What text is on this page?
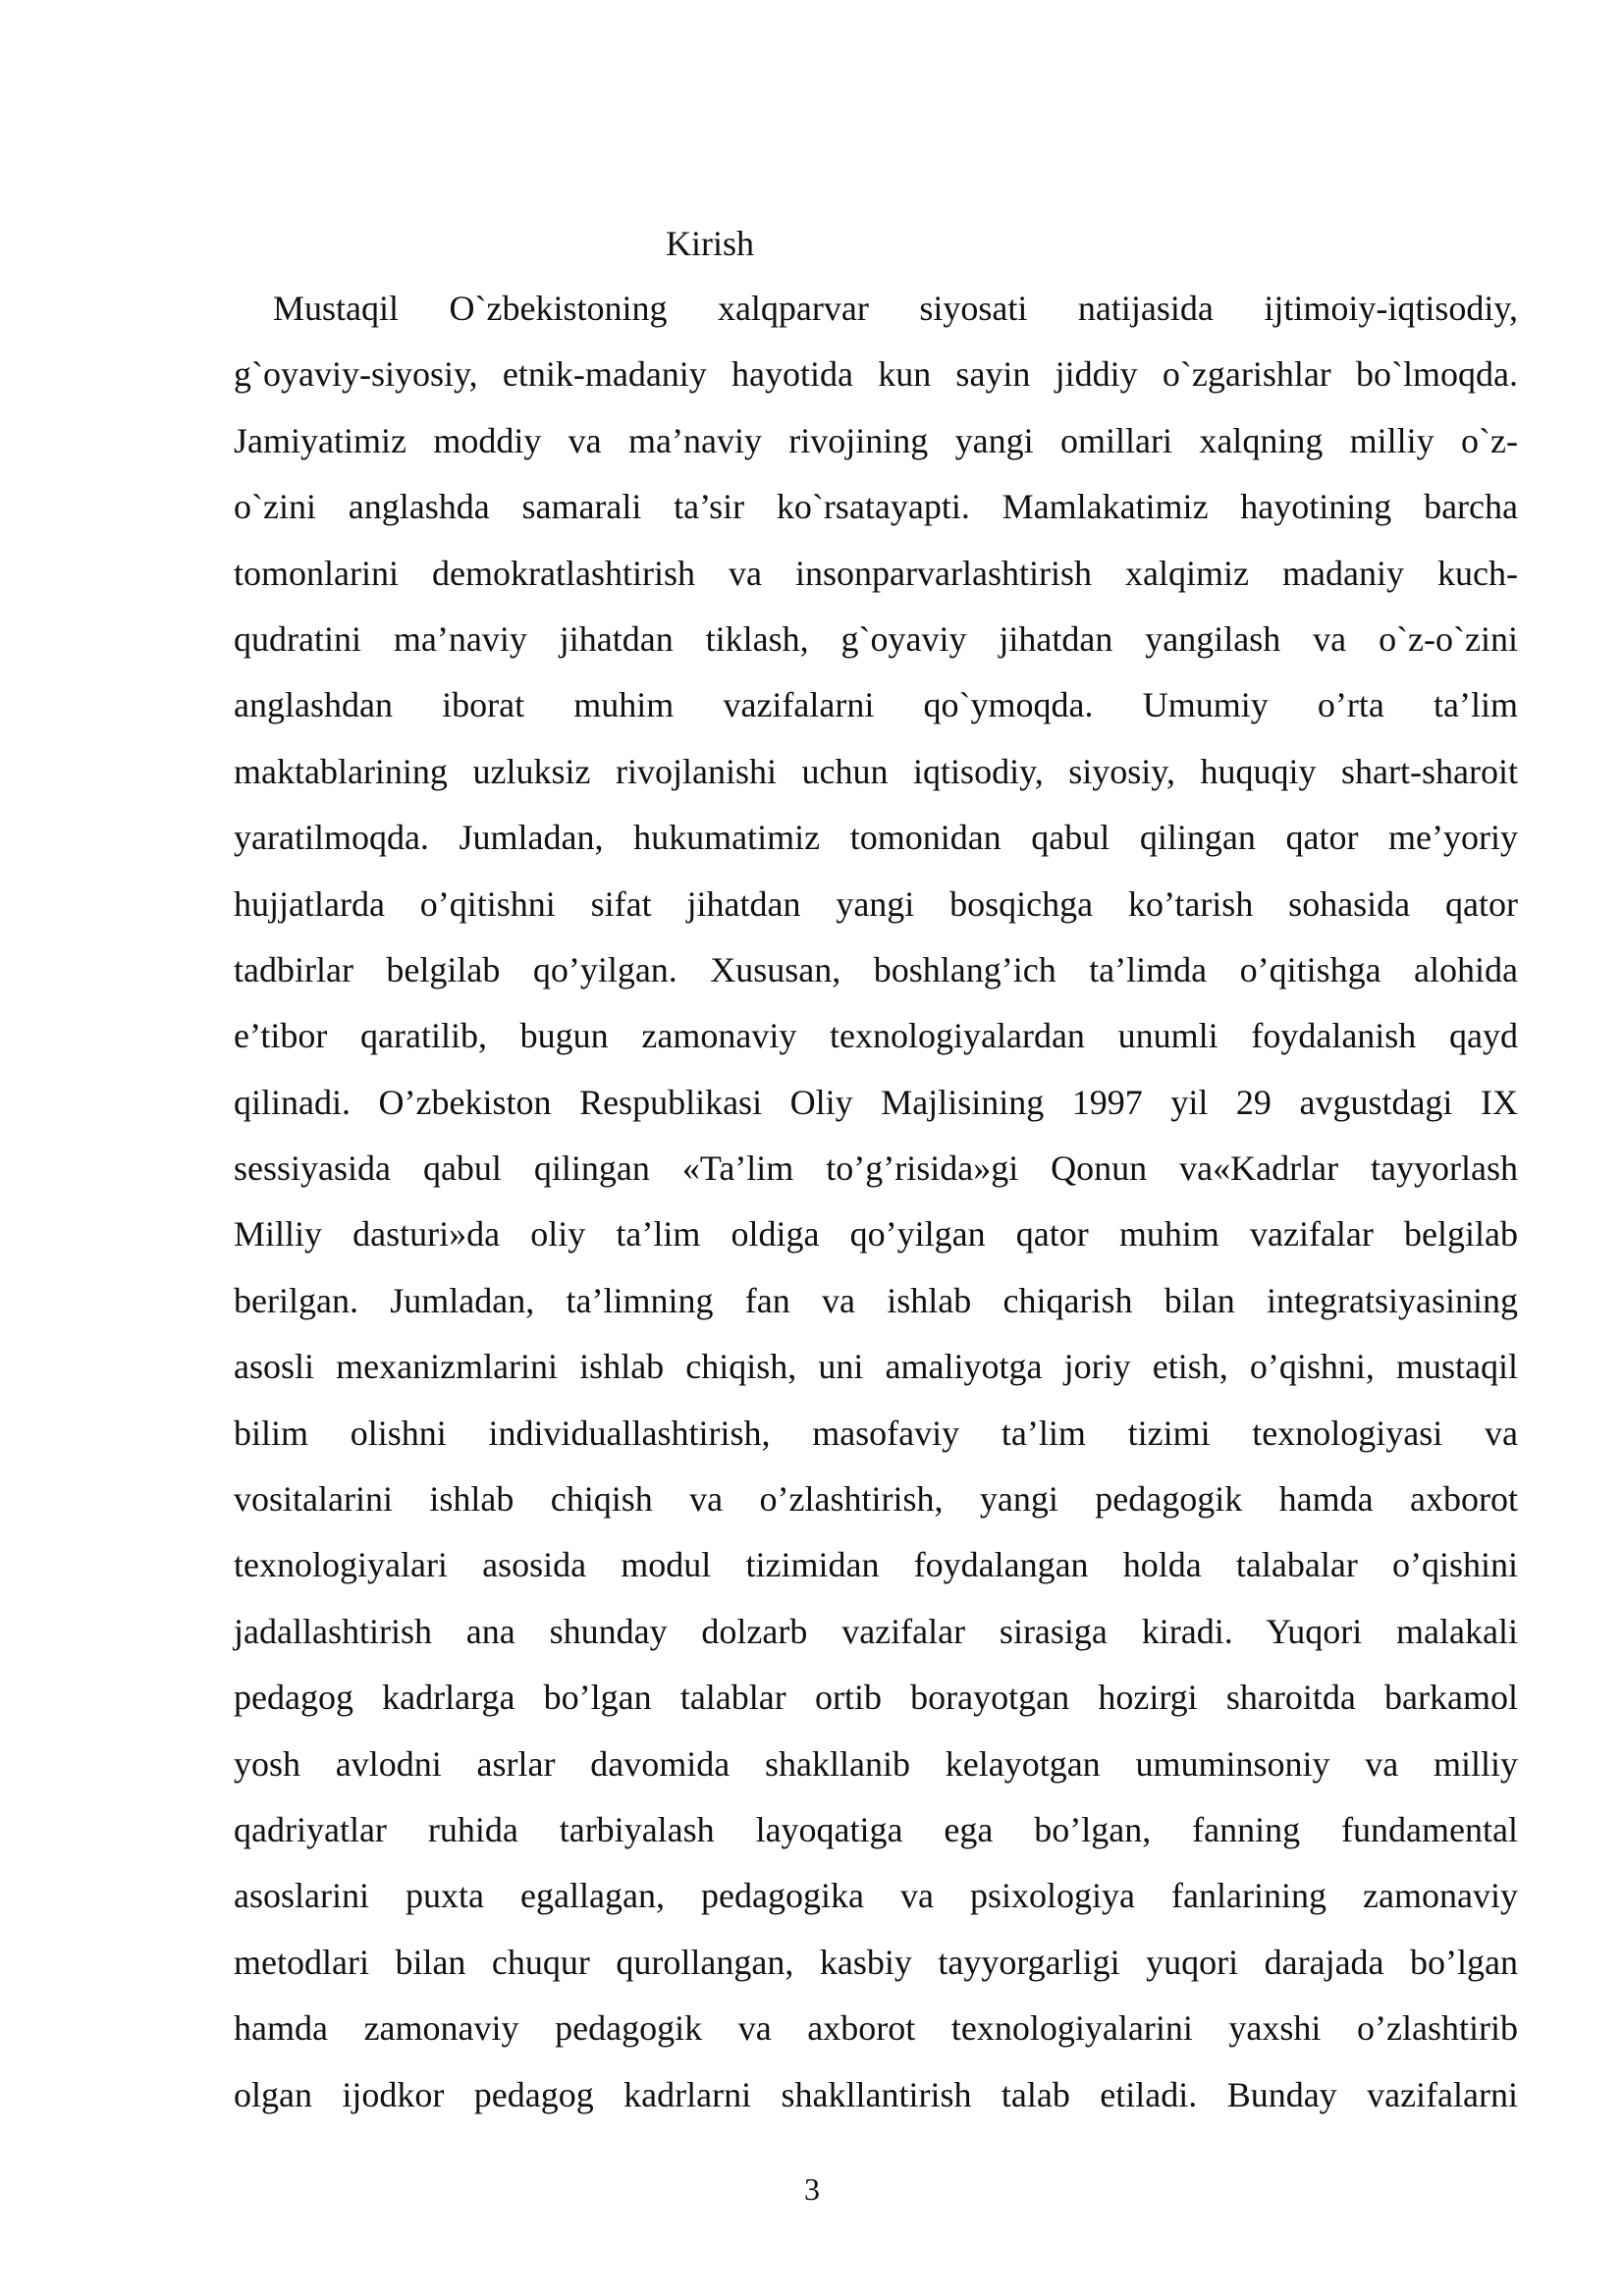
Kirish
Mustaqil O`zbekistoning xalqparvar siyosati natijasida ijtimoiy-iqtisodiy,
g`oyaviy-siyosiy, etnik-madaniy hayotida kun sayin jiddiy o`zgarishlar bo`lmoqda.
Jamiyatimiz moddiy va ma’naviy rivojining yangi omillari xalqning milliy o`z-
o`zini anglashda samarali ta’sir ko`rsatayapti. Mamlakatimiz hayotining barcha
tomonlarini demokratlashtirish va insonparvarlashtirish xalqimiz madaniy kuch-
qudratini ma’naviy jihatdan tiklash, g`oyaviy jihatdan yangilash va o`z-o`zini
anglashdan iborat muhim vazifalarni qo`ymoqda. Umumiy o’rta ta’lim
maktablarining uzluksiz rivojlanishi uchun iqtisodiy, siyosiy, huquqiy shart-sharoit
yaratilmoqda. Jumladan, hukumatimiz tomonidan qabul qilingan qator me’yoriy
hujjatlarda o’qitishni sifat jihatdan yangi bosqichga ko’tarish sohasida qator
tadbirlar belgilab qo’yilgan. Xususan, boshlang’ich ta’limda o’qitishga alohida
e’tibor qaratilib, bugun zamonaviy texnologiyalardan unumli foydalanish qayd
qilinadi. O’zbekiston Respublikasi Oliy Majlisining 1997 yil 29 avgustdagi IX
sessiyasida qabul qilingan «Ta’lim to’g’risida»gi Qonun va«Kadrlar tayyorlash
Milliy dasturi»da oliy ta’lim oldiga qo’yilgan qator muhim vazifalar belgilab
berilgan. Jumladan, ta’limning fan va ishlab chiqarish bilan integratsiyasining
asosli mexanizmlarini ishlab chiqish, uni amaliyotga joriy etish, o’qishni, mustaqil
bilim olishni individuallashtirish, masofaviy ta’lim tizimi texnologiyasi va
vositalarini ishlab chiqish va o’zlashtirish, yangi pedagogik hamda axborot
texnologiyalari asosida modul tizimidan foydalangan holda talabalar o’qishini
jadallashtirish ana shunday dolzarb vazifalar sirasiga kiradi. Yuqori malakali
pedagog kadrlarga bo’lgan talablar ortib borayotgan hozirgi sharoitda barkamol
yosh avlodni asrlar davomida shakllanib kelayotgan umuminsoniy va milliy
qadriyatlar ruhida tarbiyalash layoqatiga ega bo’lgan, fanning fundamental
asoslarini puxta egallagan, pedagogika va psixologiya fanlarining zamonaviy
metodlari bilan chuqur qurollangan, kasbiy tayyorgarligi yuqori darajada bo’lgan
hamda zamonaviy pedagogik va axborot texnologiyalarini yaxshi o’zlashtirib
olgan ijodkor pedagog kadrlarni shakllantirish talab etiladi. Bunday vazifalarni
3
